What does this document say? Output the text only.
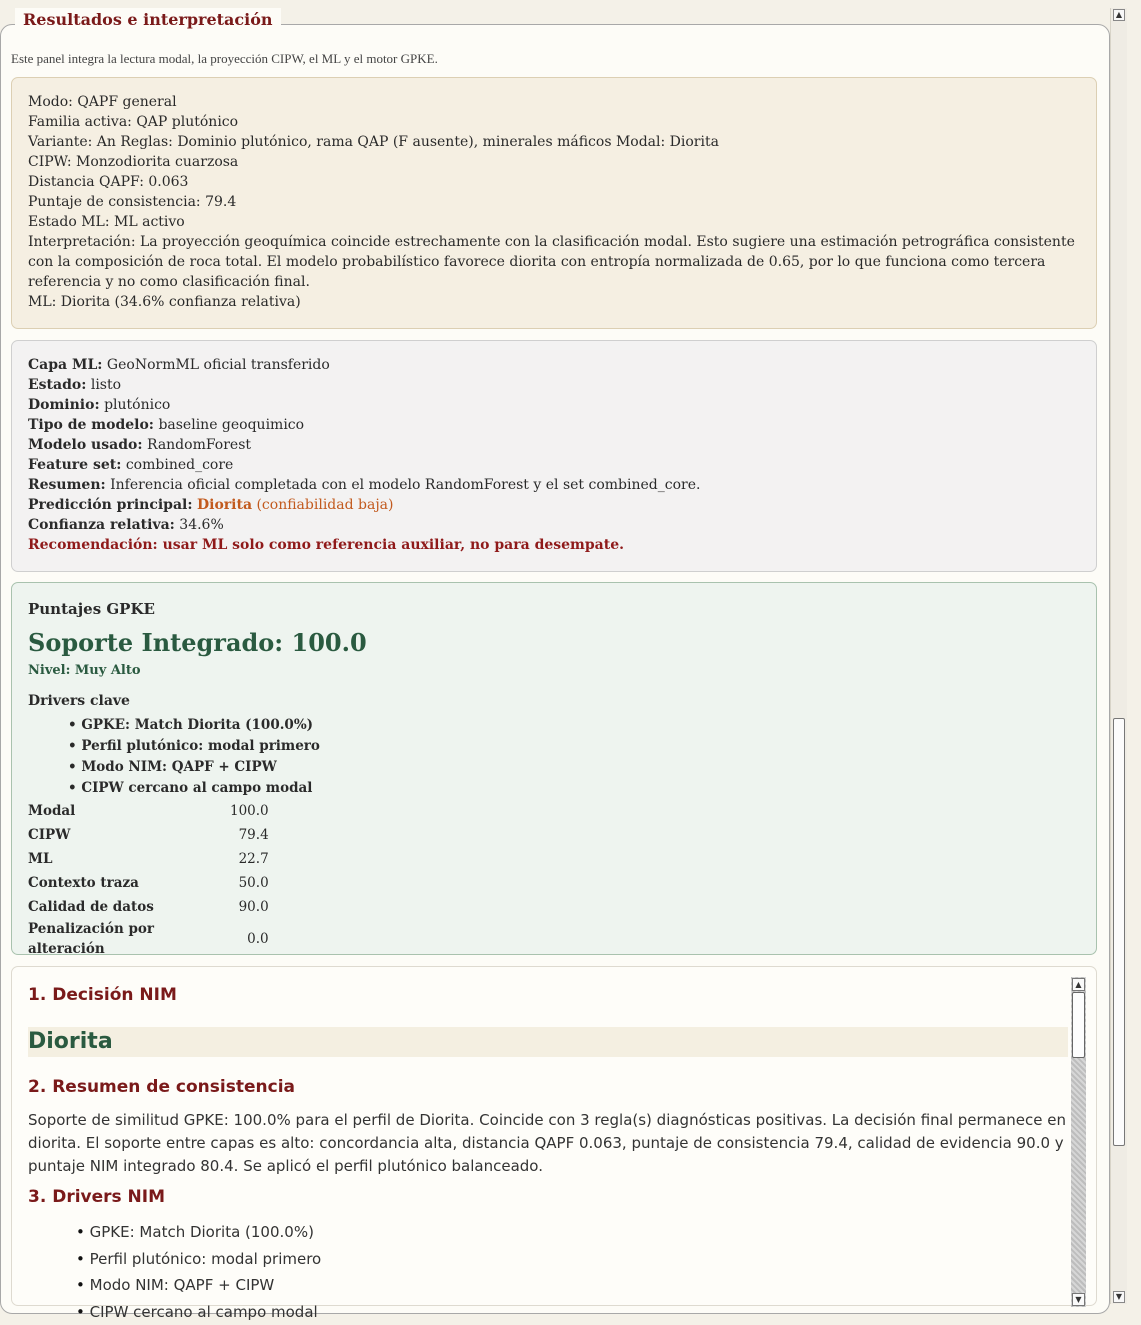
Resultados e interpretación
Este panel integra la lectura modal, la proyección CIPW, el ML y el motor GPKE.
Modo: QAPF general
Familia activa: QAP plutónico
Variante: An Reglas: Dominio plutónico, rama QAP (F ausente), minerales máficos Modal: Diorita
CIPW: Monzodiorita cuarzosa
Distancia QAPF: 0.063
Puntaje de consistencia: 79.4
Estado ML: ML activo
Interpretación: La proyección geoquímica coincide estrechamente con la clasificación modal. Esto sugiere una estimación petrográfica consistente con la composición de roca total. El modelo probabilístico favorece diorita con entropía normalizada de 0.65, por lo que funciona como tercera referencia y no como clasificación final.
ML: Diorita (34.6% confianza relativa)
Capa ML: GeoNormML oficial transferido
Estado: listo
Dominio: plutónico
Tipo de modelo: baseline geoquimico
Modelo usado: RandomForest
Feature set: combined_core
Resumen: Inferencia oficial completada con el modelo RandomForest y el set combined_core.
Predicción principal: Diorita (confiabilidad baja)
Confianza relativa: 34.6%
Recomendación: usar ML solo como referencia auxiliar, no para desempate.
Puntajes GPKE
Soporte Integrado: 100.0
Nivel: Muy Alto
Drivers clave
• GPKE: Match Diorita (100.0%)
• Perfil plutónico: modal primero
• Modo NIM: QAPF + CIPW
• CIPW cercano al campo modal
Modal	100.0
CIPW	79.4
ML	22.7
Contexto traza	50.0
Calidad de datos	90.0
Penalización por alteración	0.0
1. Decisión NIM
Diorita
2. Resumen de consistencia

Soporte de similitud GPKE: 100.0% para el perfil de Diorita. Coincide con 3 regla(s) diagnósticas positivas. La decisión final permanece en diorita. El soporte entre capas es alto: concordancia alta, distancia QAPF 0.063, puntaje de consistencia 79.4, calidad de evidencia 90.0 y puntaje NIM integrado 80.4. Se aplicó el perfil plutónico balanceado.

3. Drivers NIM
• GPKE: Match Diorita (100.0%)
• Perfil plutónico: modal primero
• Modo NIM: QAPF + CIPW
• CIPW cercano al campo modal
▲
▼
▲
▼
